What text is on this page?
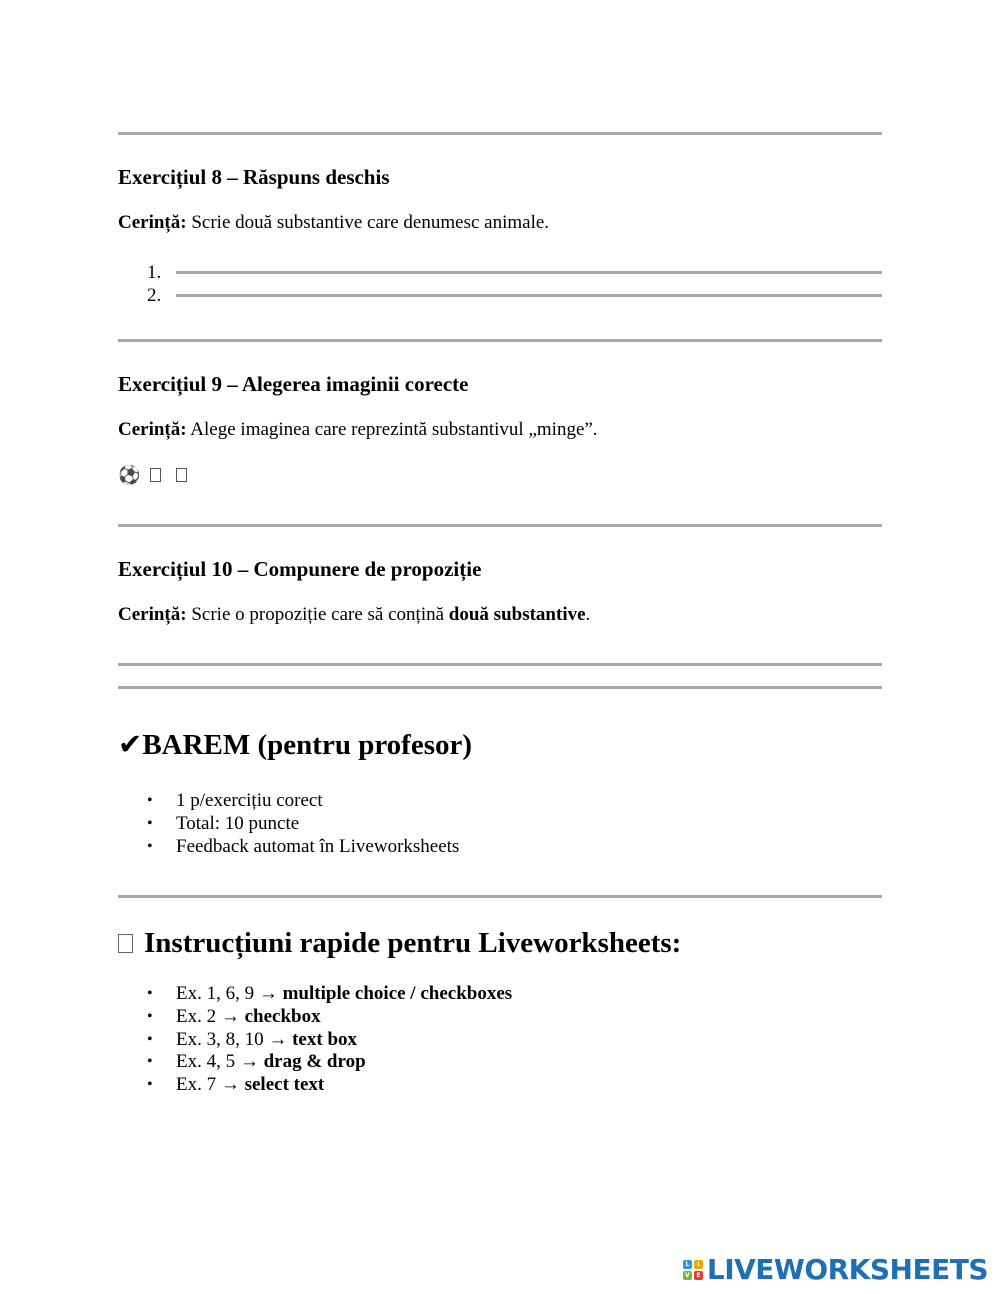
Exercițiul 8 – Răspuns deschis
Cerință: Scrie două substantive care denumesc animale.
1.
2.
Exercițiul 9 – Alegerea imaginii corecte
Cerință: Alege imaginea care reprezintă substantivul „minge”.
⚽
Exercițiul 10 – Compunere de propoziție
Cerință: Scrie o propoziție care să conțină două substantive.
✔BAREM (pentru profesor)
• 1 p/exercițiu corect
• Total: 10 puncte
• Feedback automat în Liveworksheets
Instrucțiuni rapide pentru Liveworksheets:
• Ex. 1, 6, 9 → multiple choice / checkboxes
• Ex. 2 → checkbox
• Ex. 3, 8, 10 → text box
• Ex. 4, 5 → drag & drop
• Ex. 7 → select text
L	I
V	E LIVEWORKSHEETS
